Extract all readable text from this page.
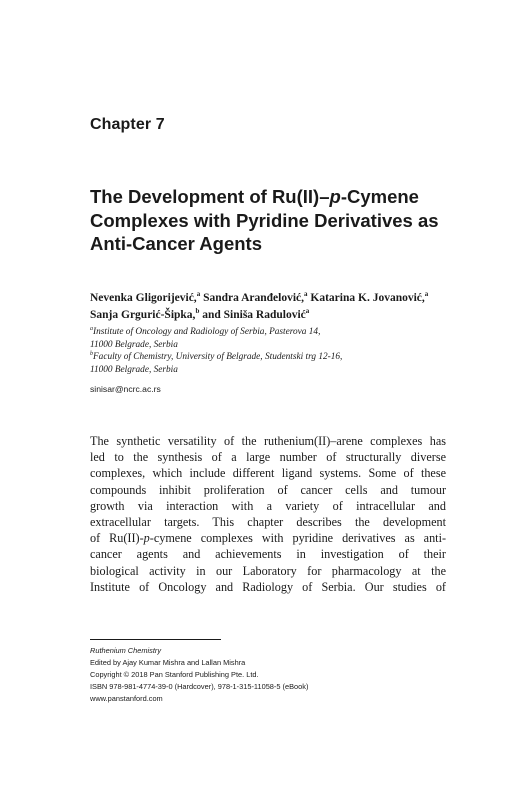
Chapter 7
The Development of Ru(II)–p-Cymene
Complexes with Pyridine Derivatives as
Anti-Cancer Agents
Nevenka Gligorijević,$^a$ Sandra Aranđelović,$^a$ Katarina K. Jovanović,$^a$
Sanja Grgurić-Šipka,$^b$ and Siniša Radulović$^a$
$^a$Institute of Oncology and Radiology of Serbia, Pasterova 14,
11000 Belgrade, Serbia
$^b$Faculty of Chemistry, University of Belgrade, Studentski trg 12-16,
11000 Belgrade, Serbia
sinisar@ncrc.ac.rs
The synthetic versatility of the ruthenium(II)–arene complexes has
led to the synthesis of a large number of structurally diverse
complexes, which include different ligand systems. Some of these
compounds inhibit proliferation of cancer cells and tumour
growth via interaction with a variety of intracellular and
extracellular targets. This chapter describes the development
of Ru(II)-p-cymene complexes with pyridine derivatives as anti-
cancer agents and achievements in investigation of their
biological activity in our Laboratory for pharmacology at the
Institute of Oncology and Radiology of Serbia. Our studies of
Ruthenium Chemistry
Edited by Ajay Kumar Mishra and Lallan Mishra
Copyright © 2018 Pan Stanford Publishing Pte. Ltd.
ISBN 978-981-4774-39-0 (Hardcover), 978-1-315-11058-5 (eBook)
www.panstanford.com
